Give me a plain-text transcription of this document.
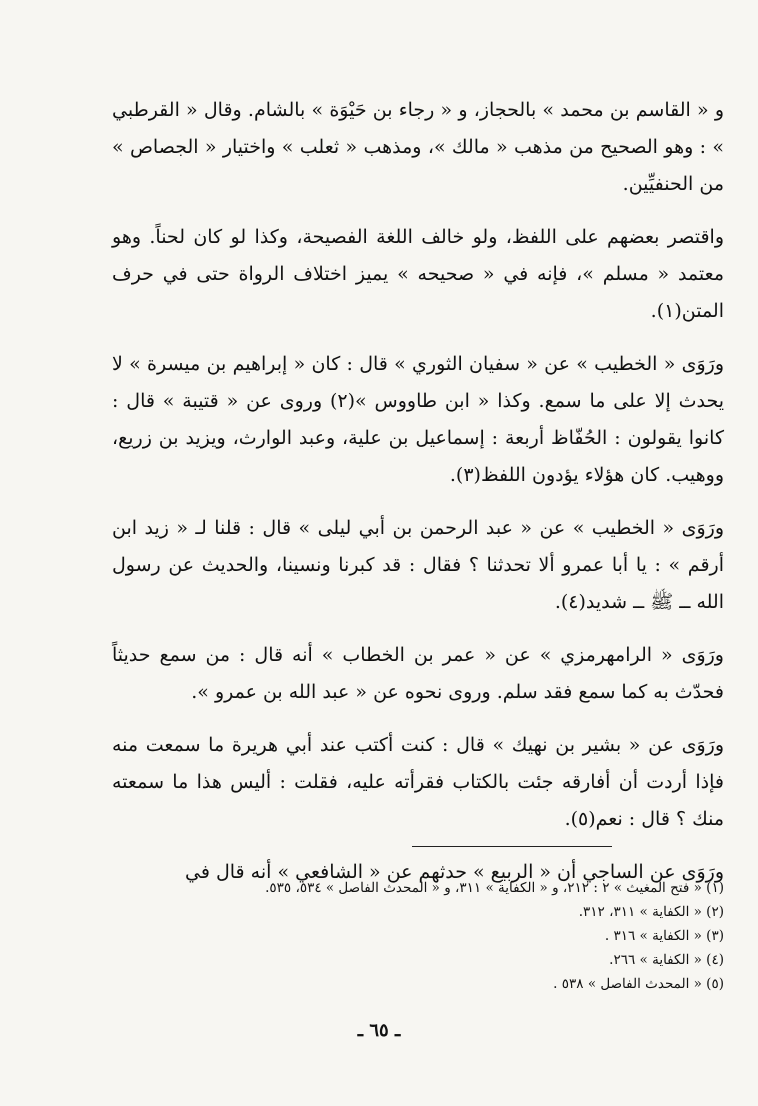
و « القاسم بن محمد » بالحجاز، و « رجاء بن حَيْوَة » بالشام. وقال « القرطبي » : وهو الصحيح من مذهب « مالك »، ومذهب « ثعلب » واختيار « الجصاص » من الحنفيِّين.

واقتصر بعضهم على اللفظ، ولو خالف اللغة الفصيحة، وكذا لو كان لحناً. وهو معتمد « مسلم »، فإنه في « صحيحه » يميز اختلاف الرواة حتى في حرف المتن(١).

ورَوَى « الخطيب » عن « سفيان الثوري » قال : كان « إبراهيم بن ميسرة » لا يحدث إلا على ما سمع. وكذا « ابن طاووس »(٢) وروى عن « قتيبة » قال : كانوا يقولون : الحُفّاظ أربعة : إسماعيل بن علية، وعبد الوارث، ويزيد بن زريع، ووهيب. كان هؤلاء يؤدون اللفظ(٣).

ورَوَى « الخطيب » عن « عبد الرحمن بن أبي ليلى » قال : قلنا لـ « زيد ابن أرقم » : يا أبا عمرو ألا تحدثنا ؟ فقال : قد كبرنا ونسينا، والحديث عن رسول الله ــ ﷺ ــ شديد(٤).

ورَوَى « الرامهرمزي » عن « عمر بن الخطاب » أنه قال : من سمع حديثاً فحدّث به كما سمع فقد سلم. وروى نحوه عن « عبد الله بن عمرو ».

ورَوَى عن « بشير بن نهيك » قال : كنت أكتب عند أبي هريرة ما سمعت منه فإذا أردت أن أفارقه جئت بالكتاب فقرأته عليه، فقلت : أليس هذا ما سمعته منك ؟ قال : نعم(٥).

ورَوَى عن الساجي أن « الربيع » حدثهم عن « الشافعي » أنه قال في

(١) « فتح المغيث » ٢ : ٢١٢، و « الكفاية » ٣١١، و « المحدث الفاصل » ٥٣٤، ٥٣٥.
(٢) « الكفاية » ٣١١، ٣١٢.
(٣) « الكفاية » ٣١٦ .
(٤) « الكفاية » ٢٦٦.
(٥) « المحدث الفاصل » ٥٣٨ .
ـ ٦٥ ـ
